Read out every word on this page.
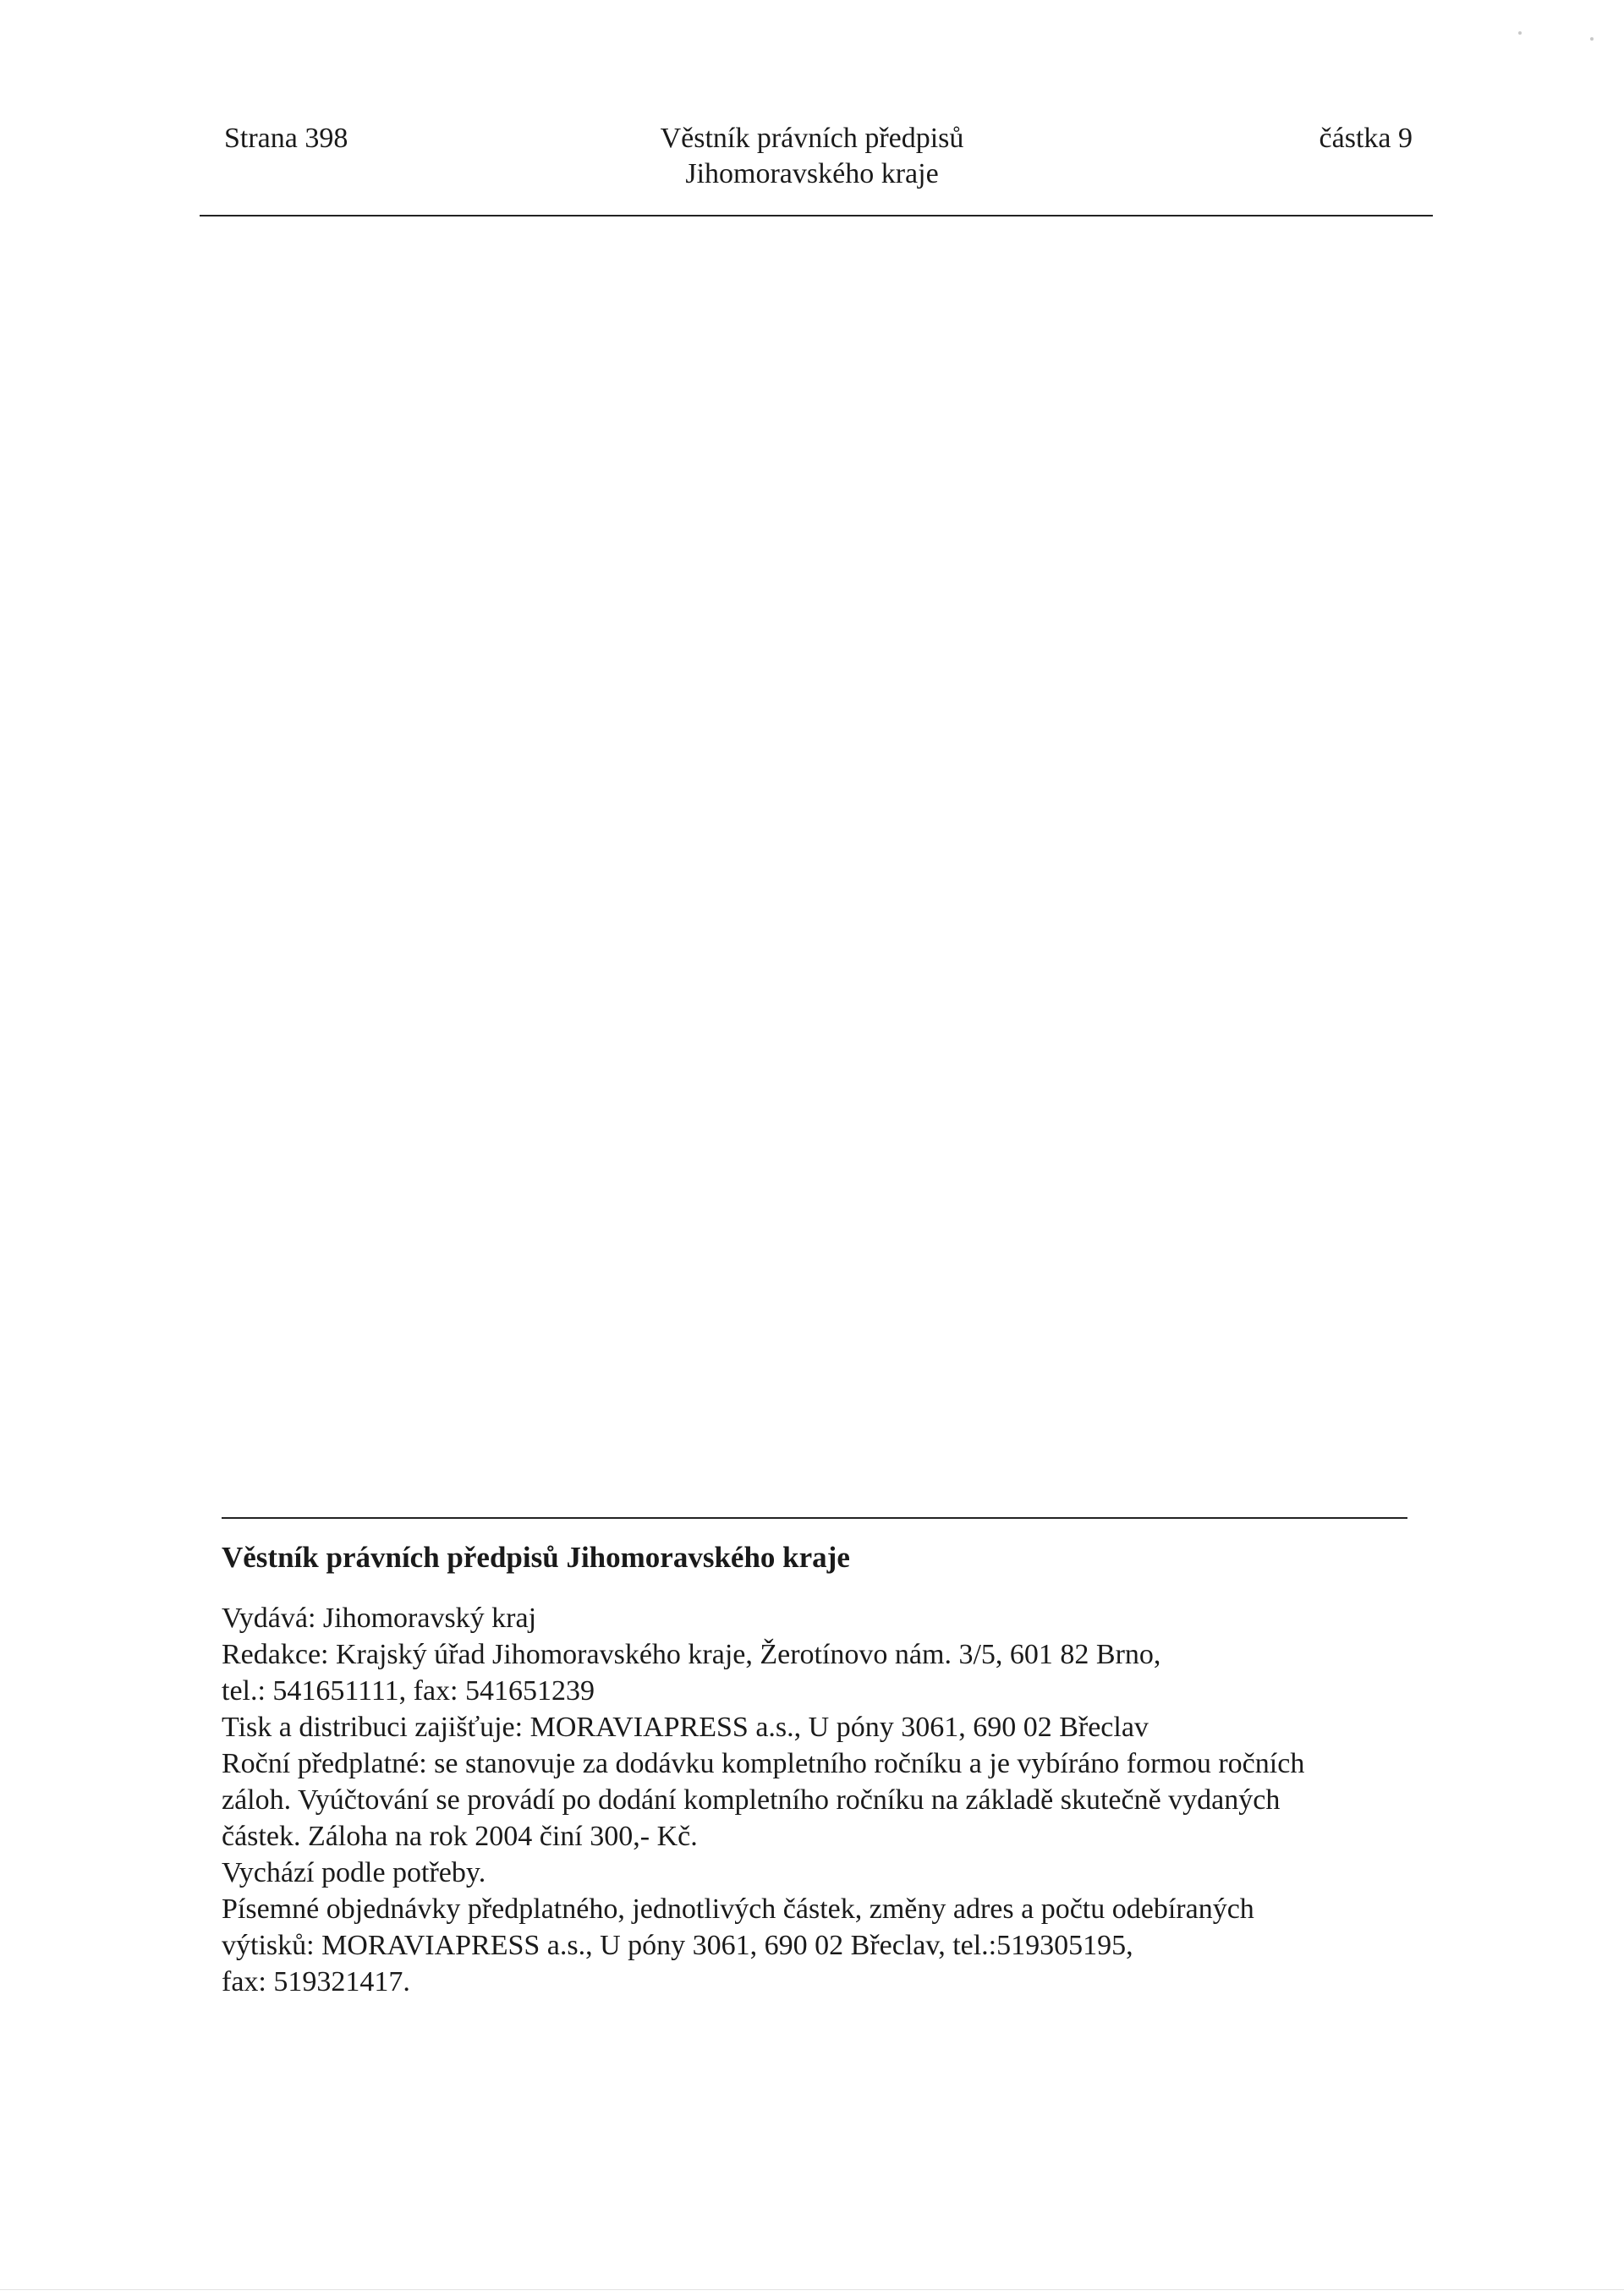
Strana 398	Věstník právních předpisů
Jihomoravského kraje
částka 9

Věstník právních předpisů Jihomoravského kraje

Vydává: Jihomoravský kraj

Redakce: Krajský úřad Jihomoravského kraje, Žerotínovo nám. 3/5, 601 82 Brno,

tel.: 541651111, fax: 541651239

Tisk a distribuci zajišťuje: MORAVIAPRESS a.s., U póny 3061, 690 02 Břeclav

Roční předplatné: se stanovuje za dodávku kompletního ročníku a je vybíráno formou ročních

záloh. Vyúčtování se provádí po dodání kompletního ročníku na základě skutečně vydaných

částek. Záloha na rok 2004 činí 300,- Kč.

Vychází podle potřeby.

Písemné objednávky předplatného, jednotlivých částek, změny adres a počtu odebíraných

výtisků: MORAVIAPRESS a.s., U póny 3061, 690 02 Břeclav, tel.:519305195,

fax: 519321417.
